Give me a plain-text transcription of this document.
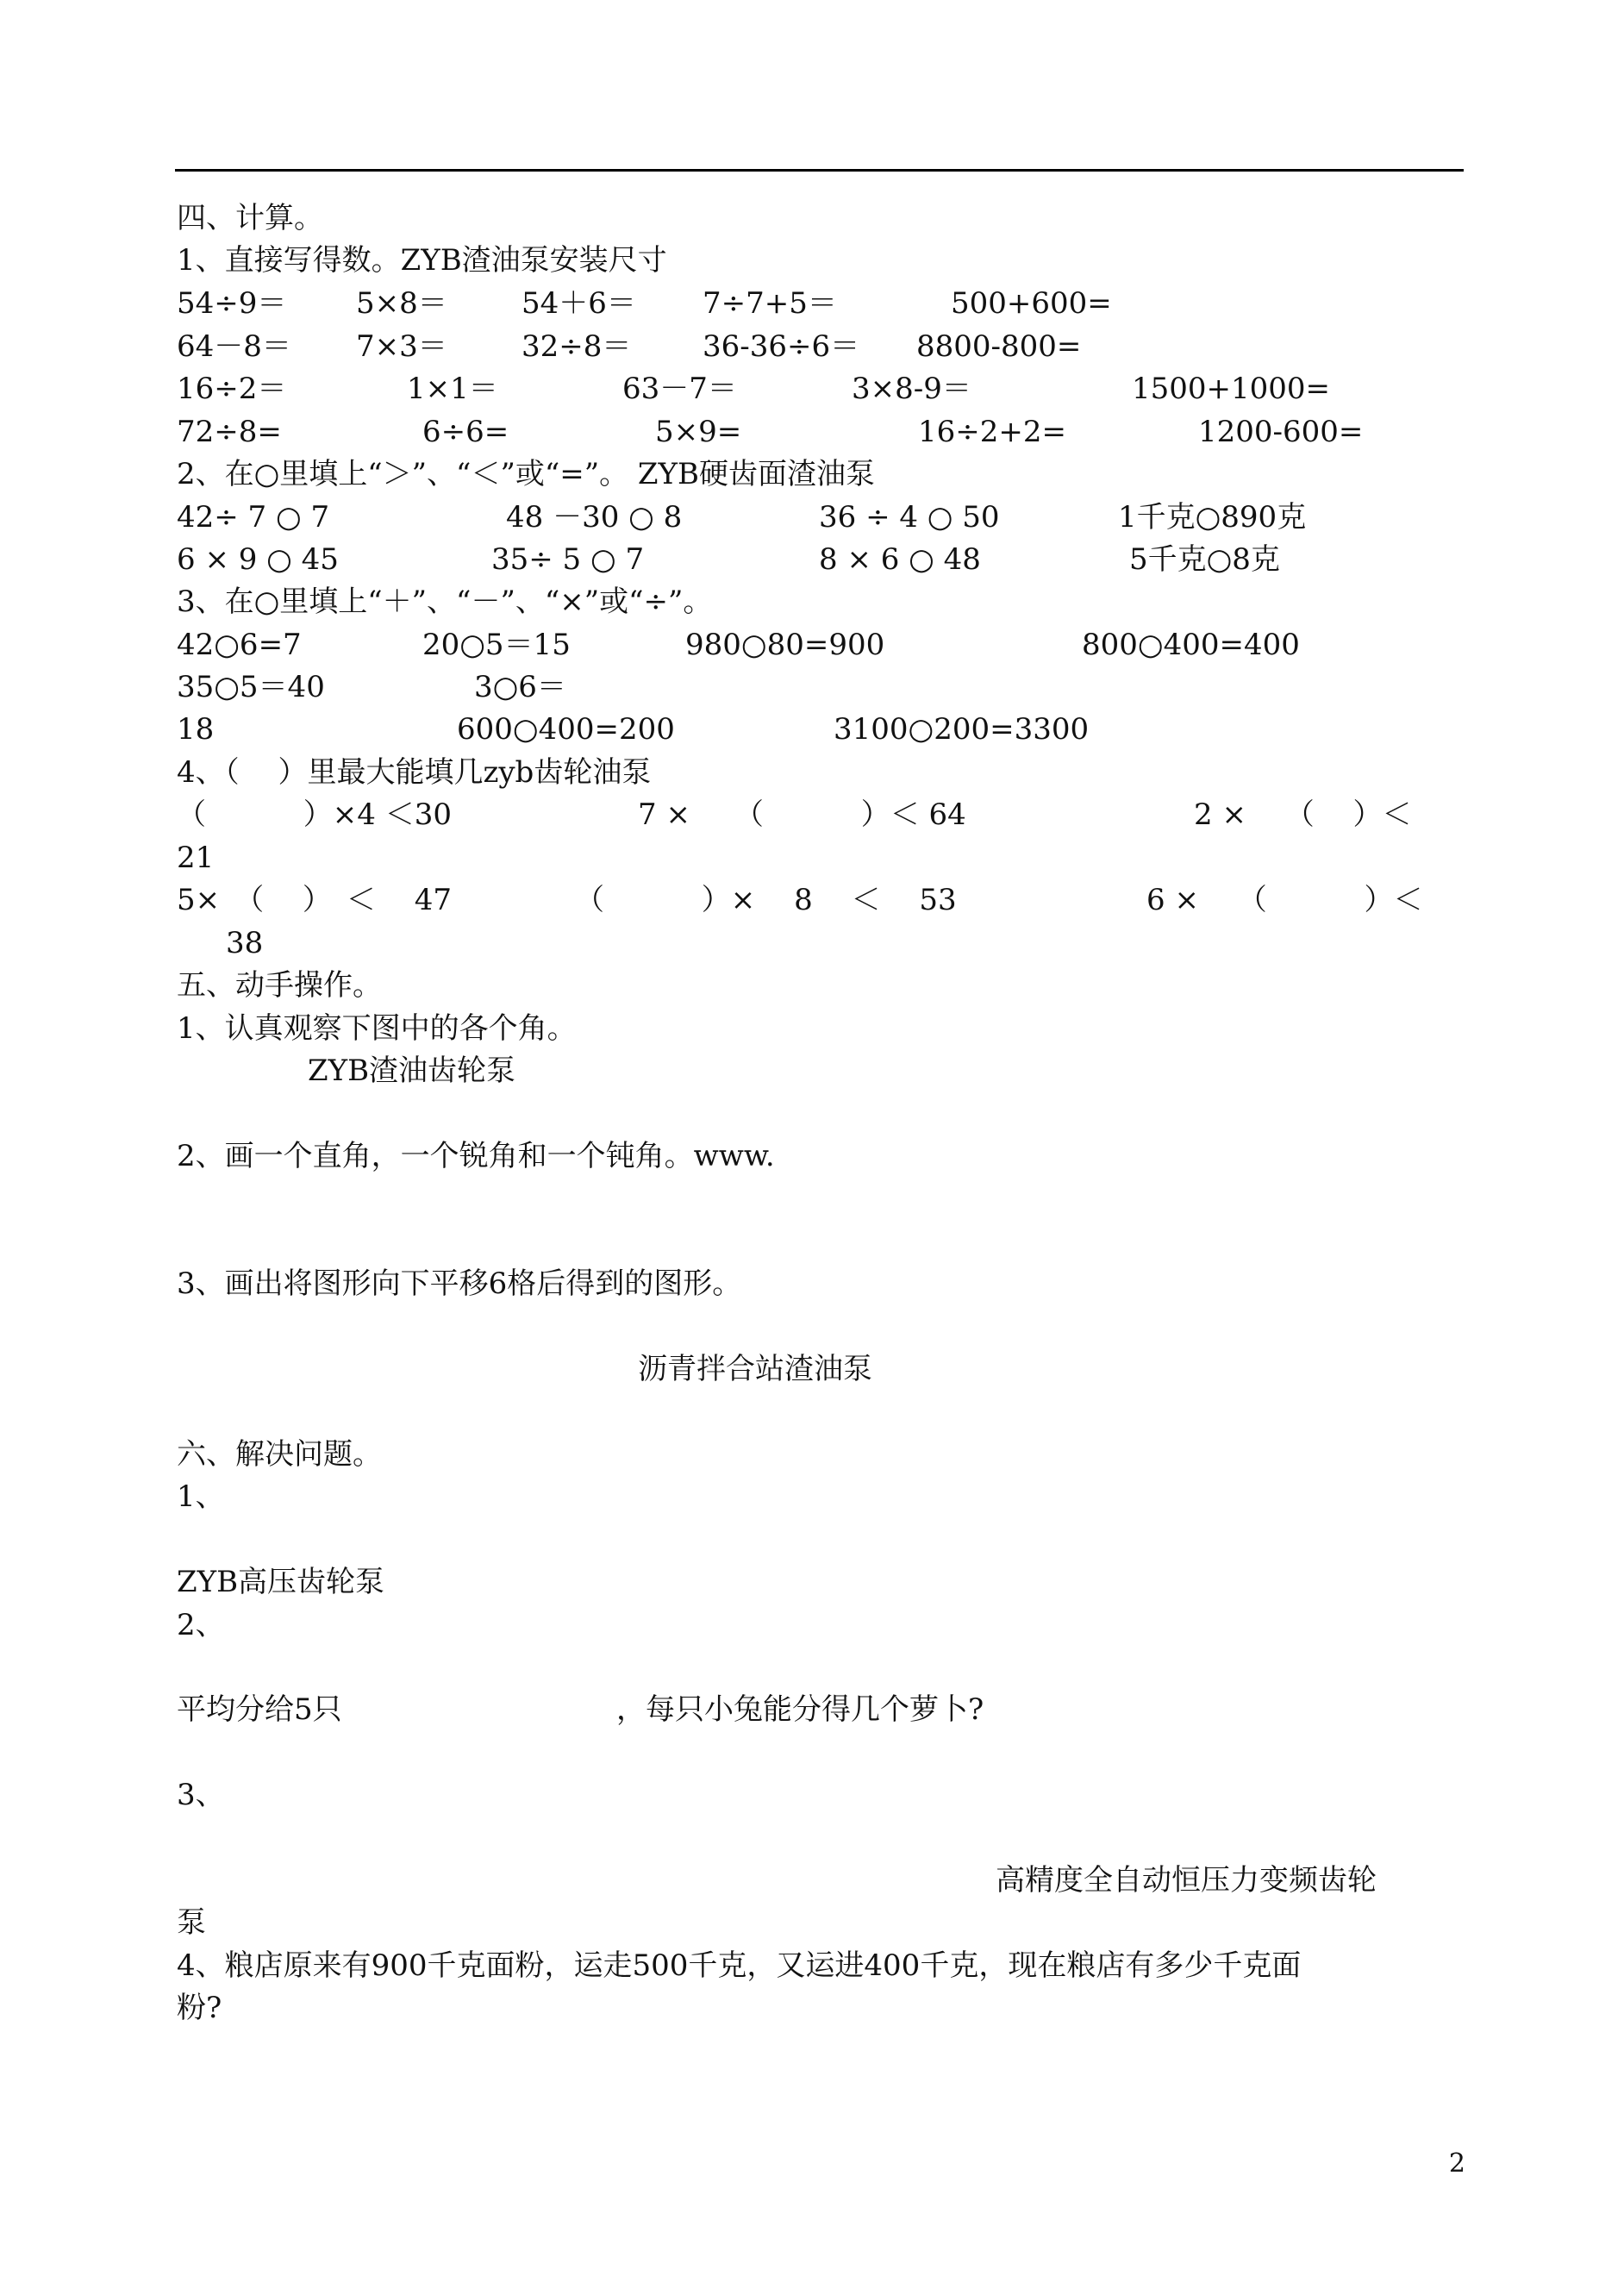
四、计算。
1、直接写得数。ZYB渣油泵安装尺寸
54÷9＝ 5×8＝	54＋6＝ 7÷7+5＝	500+600=
64－8＝ 7×3＝	32÷8＝ 36-36÷6＝ 8800-800=
16÷2＝	1×1＝	63－7＝	3×8-9＝	1500+1000=
72÷8=	6÷6=	5×9=	16÷2+2=	1200-600=
2、在○里填上“＞”、“＜”或“=”。 ZYB硬齿面渣油泵
42÷ 7 ○ 7	48 －30 ○ 8	36 ÷ 4 ○ 50	1千克○890克
6 × 9 ○ 45	35÷ 5 ○ 7	8 × 6 ○ 48	5千克○8克
3、在○里填上“＋”、“－”、“×”或“÷”。
42○6=7	20○5＝15	980○80=900	800○400=400
35○5＝40	3○6＝
18	600○400=200	3100○200=3300
4、（　 ）里最大能填几zyb齿轮油泵
（　　　 ）×4 ＜30	7 ×　　（　　　 ）＜ 64	2 ×　 （　 ）＜
21
5×　（　 ）　＜　 47	（　　　 ）×　 8　 ＜　 53	6 ×　 （　　　 ）＜
38
五、动手操作。
1、认真观察下图中的各个角。
ZYB渣油齿轮泵
2、画一个直角，一个锐角和一个钝角。www.
3、画出将图形向下平移6格后得到的图形。
沥青拌合站渣油泵
六、解决问题。
1、
ZYB高压齿轮泵
2、
平均分给5只	，每只小兔能分得几个萝卜?
3、
高精度全自动恒压力变频齿轮
泵
4、粮店原来有900千克面粉，运走500千克，又运进400千克，现在粮店有多少千克面
粉?
2
